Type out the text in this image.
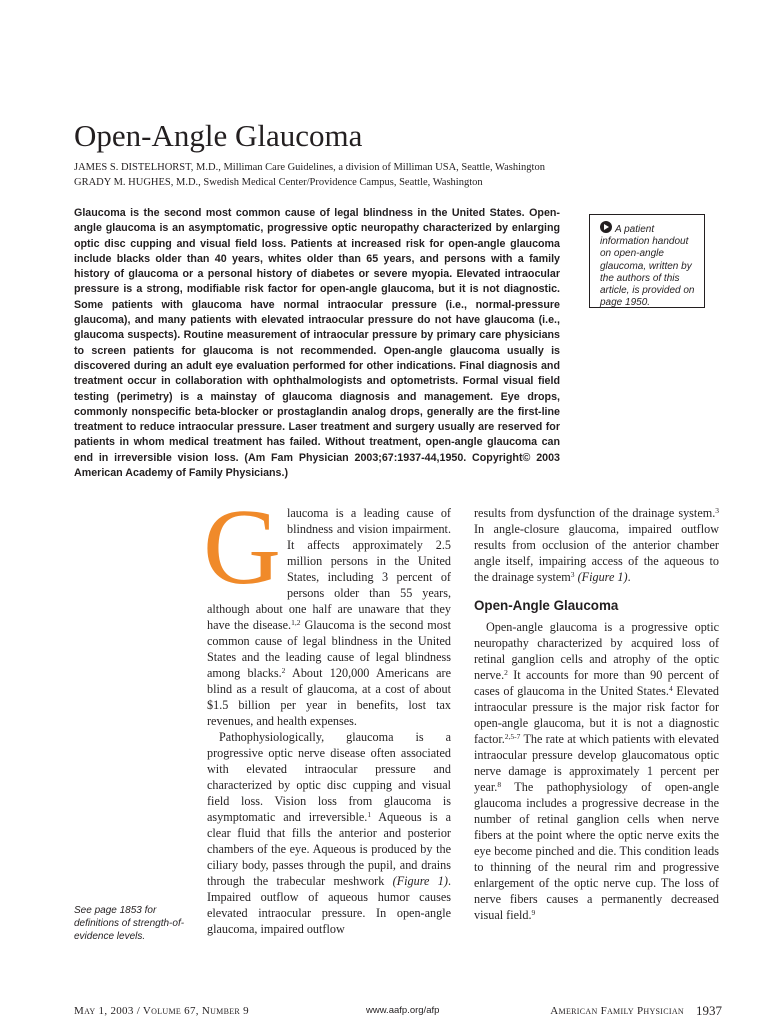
Open-Angle Glaucoma
JAMES S. DISTELHORST, M.D., Milliman Care Guidelines, a division of Milliman USA, Seattle, Washington
GRADY M. HUGHES, M.D., Swedish Medical Center/Providence Campus, Seattle, Washington

Glaucoma is the second most common cause of legal blindness in the United States. Open-angle glaucoma is an asymptomatic, progressive optic neuropathy characterized by enlarging optic disc cupping and visual field loss. Patients at increased risk for open-angle glaucoma include blacks older than 40 years, whites older than 65 years, and persons with a family history of glaucoma or a personal history of diabetes or severe myopia. Elevated intraocular pressure is a strong, modifiable risk factor for open-angle glaucoma, but it is not diagnostic. Some patients with glaucoma have normal intraocular pressure (i.e., normal-pressure glaucoma), and many patients with elevated intraocular pressure do not have glaucoma (i.e., glaucoma suspects). Routine measurement of intraocular pressure by primary care physicians to screen patients for glaucoma is not recommended. Open-angle glaucoma usually is discovered during an adult eye evaluation performed for other indications. Final diagnosis and treatment occur in collaboration with ophthalmologists and optometrists. Formal visual field testing (perimetry) is a mainstay of glaucoma diagnosis and management. Eye drops, commonly nonspecific beta-blocker or prostaglandin analog drops, generally are the first-line treatment to reduce intraocular pressure. Laser treatment and surgery usually are reserved for patients in whom medical treatment has failed. Without treatment, open-angle glaucoma can end in irreversible vision loss. (Am Fam Physician 2003;67:1937-44,1950. Copyright© 2003 American Academy of Family Physicians.)

A patient information handout on open-angle glaucoma, written by the authors of this article, is provided on page 1950.

Glaucoma is a leading cause of blindness and vision impairment. It affects approximately 2.5 million persons in the United States, including 3 percent of persons older than 55 years, although about one half are unaware that they have the disease.$^{1,2}$ Glaucoma is the second most common cause of legal blindness in the United States and the leading cause of legal blindness among blacks.$^2$ About 120,000 Americans are blind as a result of glaucoma, at a cost of about $1.5 billion per year in benefits, lost tax revenues, and health expenses.

Pathophysiologically, glaucoma is a progressive optic nerve disease often associated with elevated intraocular pressure and characterized by optic disc cupping and visual field loss. Vision loss from glaucoma is asymptomatic and irreversible.$^1$ Aqueous is a clear fluid that fills the anterior and posterior chambers of the eye. Aqueous is produced by the ciliary body, passes through the pupil, and drains through the trabecular meshwork (Figure 1). Impaired outflow of aqueous humor causes elevated intraocular pressure. In open-angle glaucoma, impaired outflow

results from dysfunction of the drainage system.$^3$ In angle-closure glaucoma, impaired outflow results from occlusion of the anterior chamber angle itself, impairing access of the aqueous to the drainage system$^3$ (Figure 1).

Open-Angle Glaucoma

Open-angle glaucoma is a progressive optic neuropathy characterized by acquired loss of retinal ganglion cells and atrophy of the optic nerve.$^2$ It accounts for more than 90 percent of cases of glaucoma in the United States.$^4$ Elevated intraocular pressure is the major risk factor for open-angle glaucoma, but it is not a diagnostic factor.$^{2,5-7}$ The rate at which patients with elevated intraocular pressure develop glaucomatous optic nerve damage is approximately 1 percent per year.$^8$ The pathophysiology of open-angle glaucoma includes a progressive decrease in the number of retinal ganglion cells when nerve fibers at the point where the optic nerve exits the eye become pinched and die. This condition leads to thinning of the neural rim and progressive enlargement of the optic nerve cup. The loss of nerve fibers causes a permanently decreased visual field.$^9$

See page 1853 for definitions of strength-of-evidence levels.
May 1, 2003 / Volume 67, Number 9	www.aafp.org/afp	American Family Physician 1937
